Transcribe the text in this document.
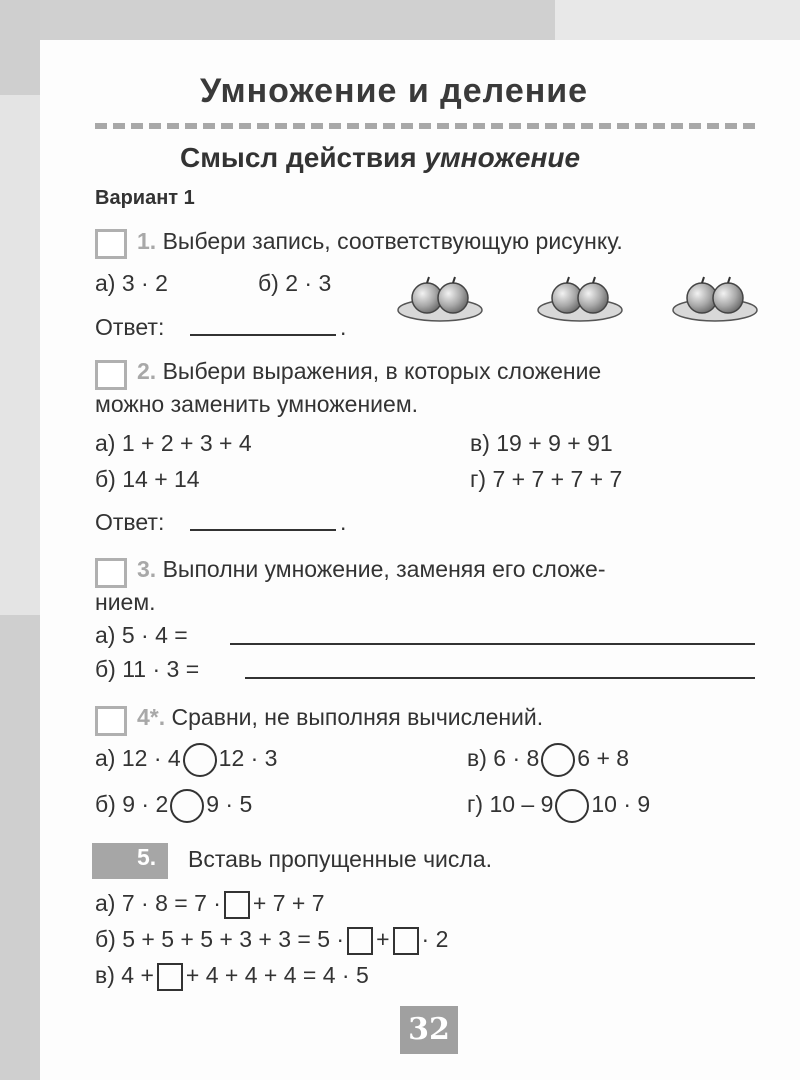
Умножение и деление
Смысл действия умножение
Вариант 1
1. Выбери запись, соответствующую рисунку.
а) 3 · 2	б) 2 · 3
Ответ:	.
2. Выбери выражения, в которых сложение
можно заменить умножением.
а) 1 + 2 + 3 + 4
б) 14 + 14
в) 19 + 9 + 91
г) 7 + 7 + 7 + 7
Ответ:	.
3. Выполни умножение, заменяя его сложе-
нием.
а) 5 · 4 =
б) 11 · 3 =
4*. Сравни, не выполняя вычислений.
а) 12 · 4 12 · 3
б) 9 · 2 9 · 5
в) 6 · 8 6 + 8
г) 10 – 9 10 · 9
5. Вставь пропущенные числа.
а) 7 · 8 = 7 · + 7 + 7
б) 5 + 5 + 5 + 3 + 3 = 5 · + · 2
в) 4 + + 4 + 4 + 4 = 4 · 5
32
